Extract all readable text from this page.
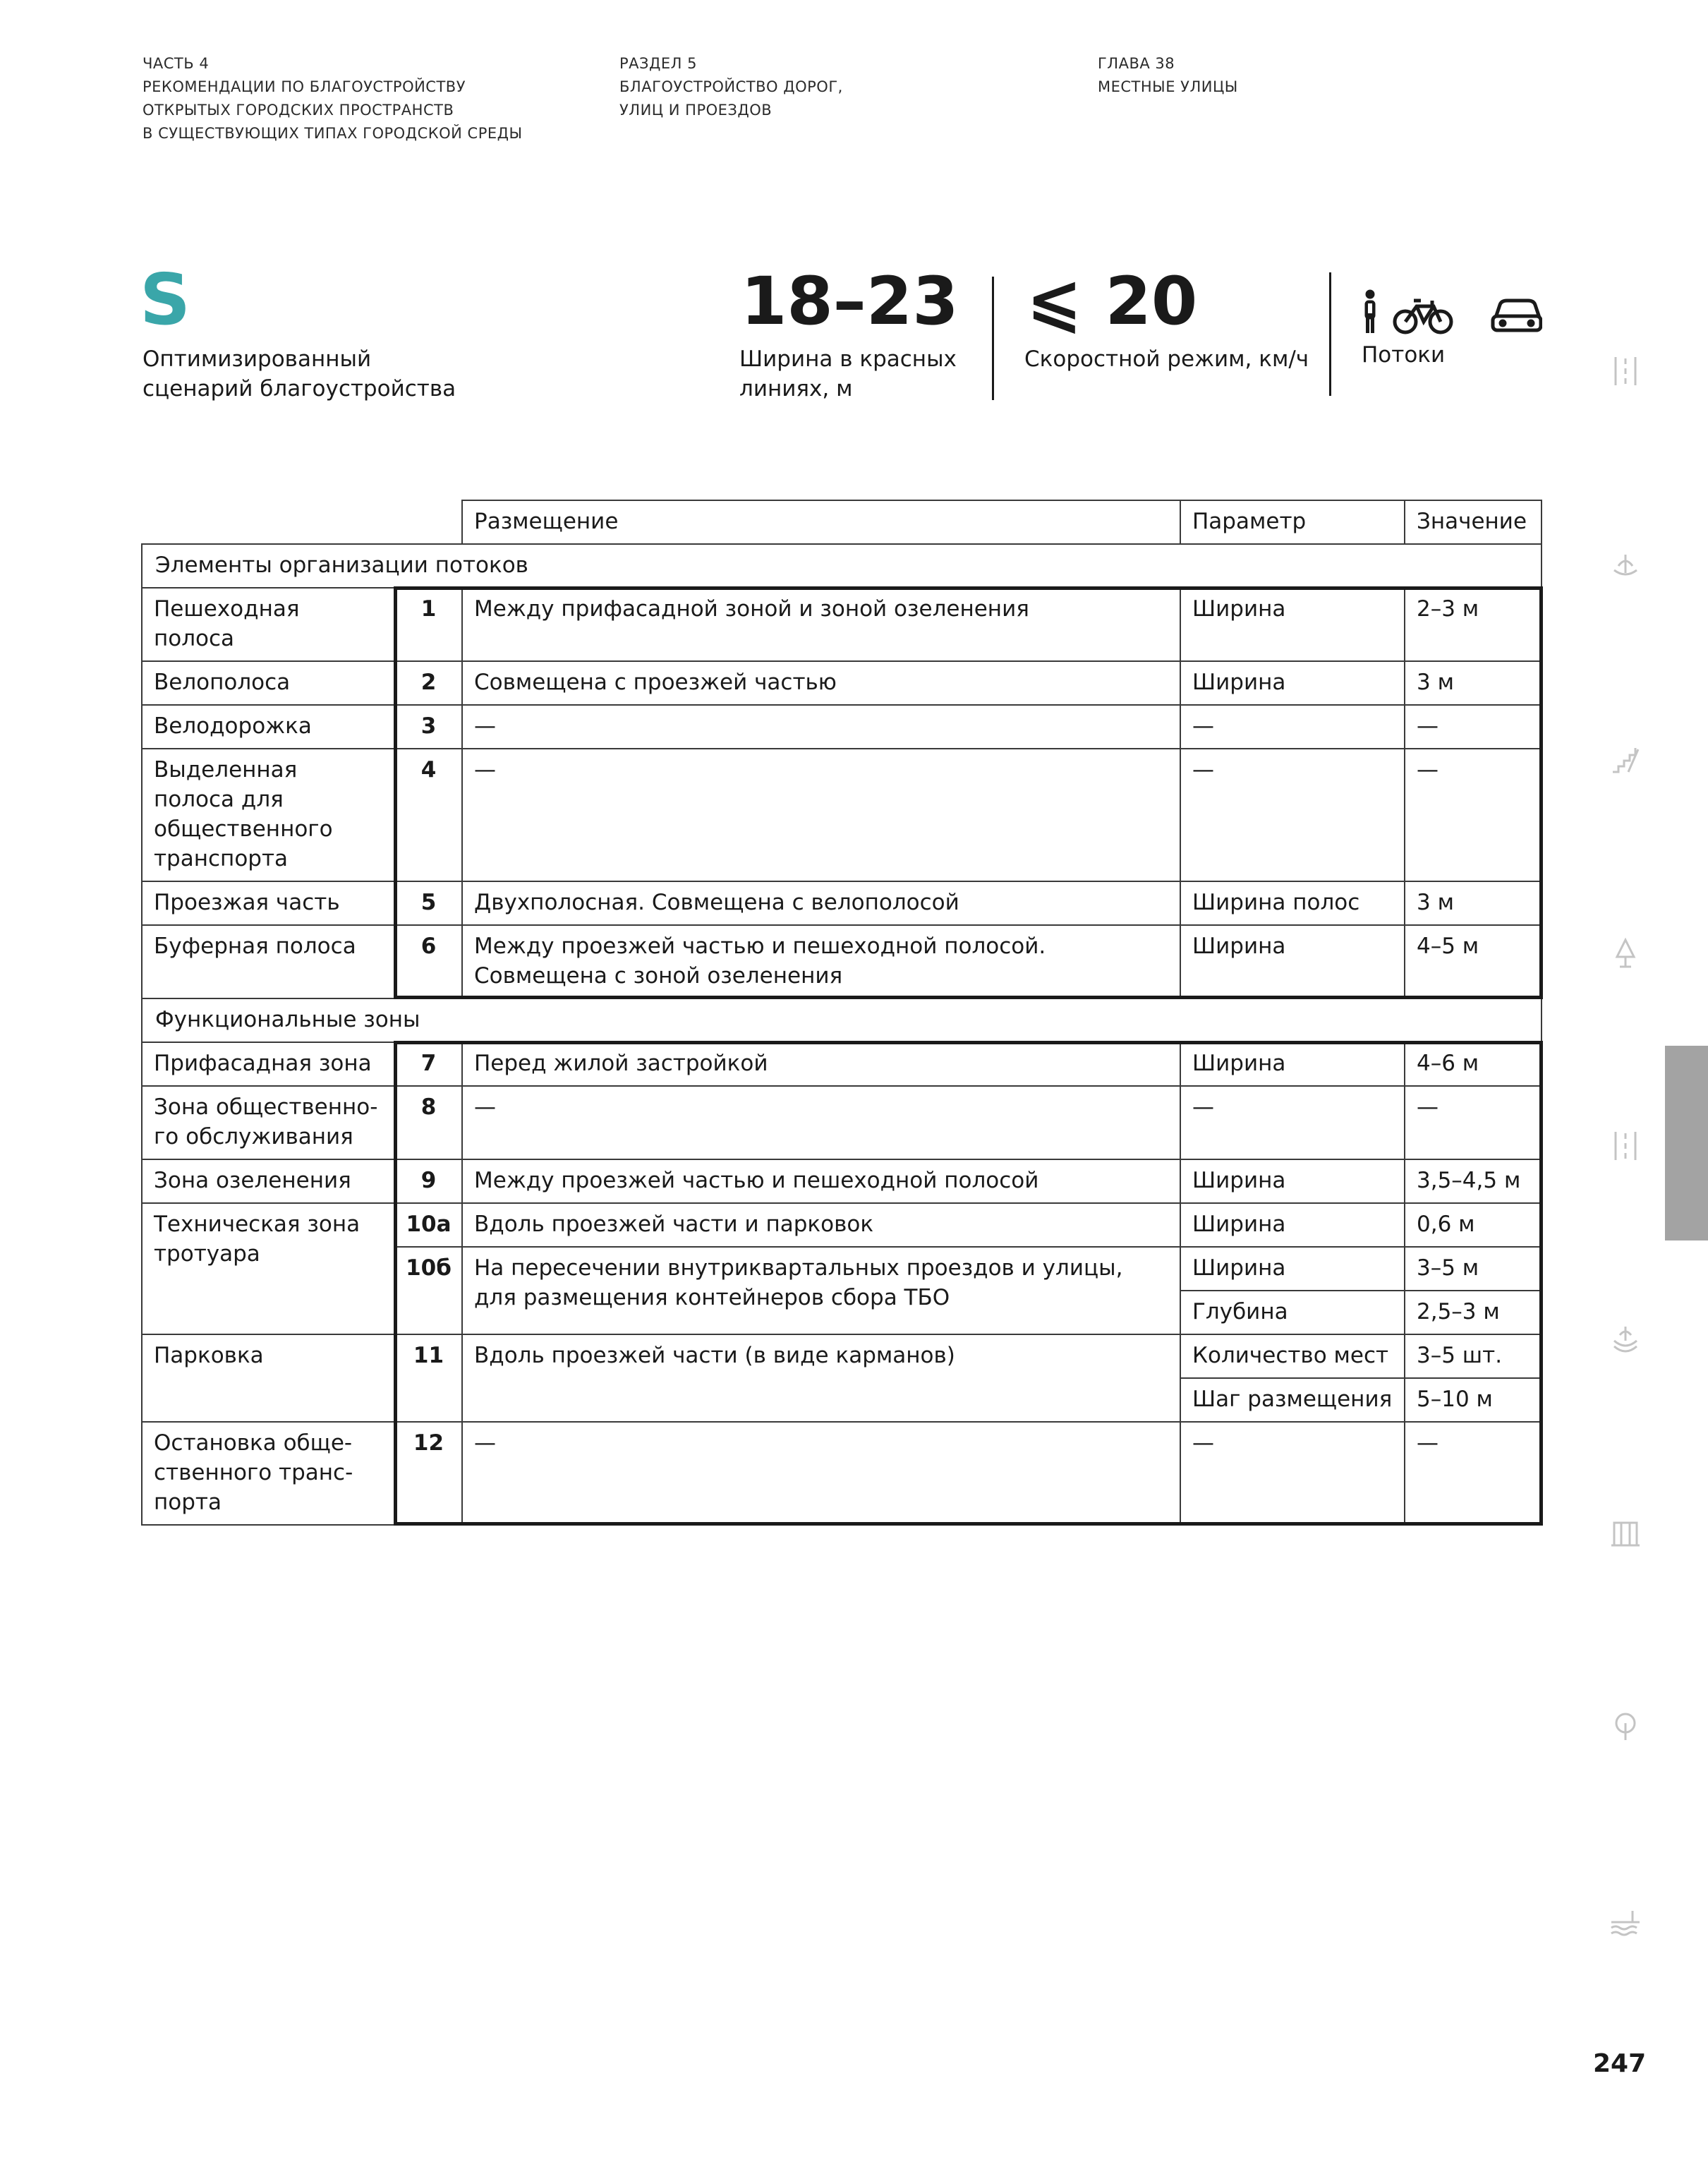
ЧАСТЬ 4
РЕКОМЕНДАЦИИ ПО БЛАГОУСТРОЙСТВУ
ОТКРЫТЫХ ГОРОДСКИХ ПРОСТРАНСТВ
В СУЩЕСТВУЮЩИХ ТИПАХ ГОРОДСКОЙ СРЕДЫ
РАЗДЕЛ 5
БЛАГОУСТРОЙСТВО ДОРОГ,
УЛИЦ И ПРОЕЗДОВ
ГЛАВА 38
МЕСТНЫЕ УЛИЦЫ
S
Оптимизированный
сценарий благоустройства
18–23
Ширина в красных
линиях, м
⩽ 20
Скоростной режим, км/ч Потоки
		Размещение	Параметр	Значение
Элементы организации потоков				
Пешеходная полоса	1	Между прифасадной зоной и зоной озеленения	Ширина	2–3 м
Велополоса	2	Совмещена с проезжей частью	Ширина	3 м
Велодорожка	3	—	—	—
Выделенная полоса для общественного транспорта	4	—	—	—
Проезжая часть	5	Двухполосная. Совмещена с велополосой	Ширина полос	3 м
Буферная полоса	6	Между проезжей частью и пешеходной полосой. Совмещена с зоной озеленения	Ширина	4–5 м
Функциональные зоны				
Прифасадная зона	7	Перед жилой застройкой	Ширина	4–6 м
Зона общественно-го обслуживания	8	—	—	—
Зона озеленения	9	Между проезжей частью и пешеходной полосой	Ширина	3,5–4,5 м
Техническая зона тротуара	10а	Вдоль проезжей части и парковок	Ширина	0,6 м
	10б	На пересечении внутриквартальных проездов и улицы, для размещения контейнеров сбора ТБО	Ширина	3–5 м
			Глубина	2,5–3 м
Парковка	11	Вдоль проезжей части (в виде карманов)	Количество мест	3–5 шт.
			Шаг размещения	5–10 м
Остановка обще-ственного транс-порта	12	—	—	—
247
